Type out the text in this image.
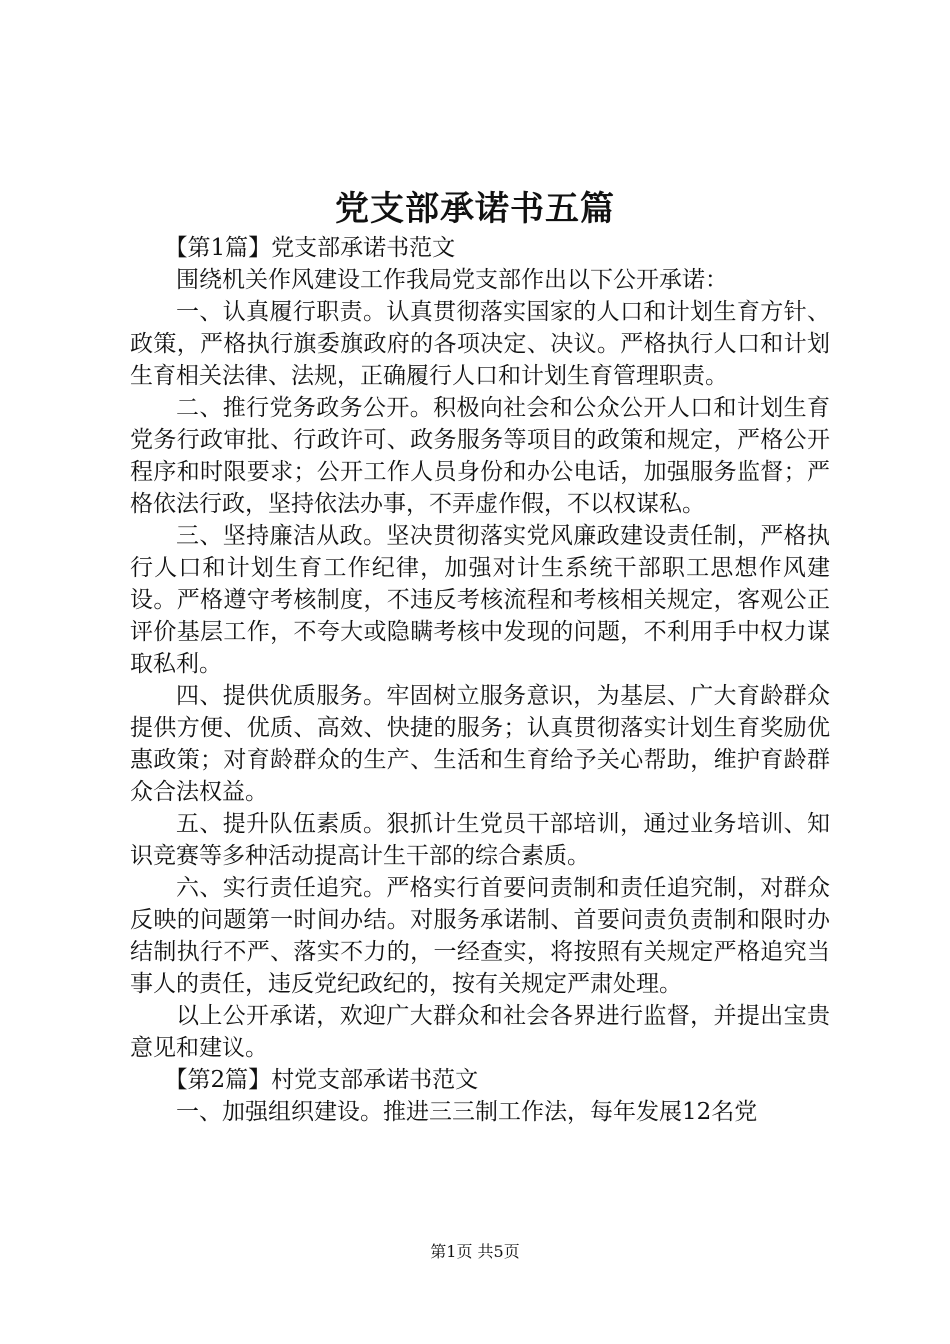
党支部承诺书五篇

【第1篇】党支部承诺书范文

围绕机关作风建设工作我局党支部作出以下公开承诺：

一、认真履行职责。认真贯彻落实国家的人口和计划生育方针、政策，严格执行旗委旗政府的各项决定、决议。严格执行人口和计划生育相关法律、法规，正确履行人口和计划生育管理职责。

二、推行党务政务公开。积极向社会和公众公开人口和计划生育党务行政审批、行政许可、政务服务等项目的政策和规定，严格公开程序和时限要求；公开工作人员身份和办公电话，加强服务监督；严格依法行政，坚持依法办事，不弄虚作假，不以权谋私。

三、坚持廉洁从政。坚决贯彻落实党风廉政建设责任制，严格执行人口和计划生育工作纪律，加强对计生系统干部职工思想作风建设。严格遵守考核制度，不违反考核流程和考核相关规定，客观公正评价基层工作，不夸大或隐瞒考核中发现的问题，不利用手中权力谋取私利。

四、提供优质服务。牢固树立服务意识，为基层、广大育龄群众提供方便、优质、高效、快捷的服务；认真贯彻落实计划生育奖励优惠政策；对育龄群众的生产、生活和生育给予关心帮助，维护育龄群众合法权益。

五、提升队伍素质。狠抓计生党员干部培训，通过业务培训、知识竞赛等多种活动提高计生干部的综合素质。

六、实行责任追究。严格实行首要问责制和责任追究制，对群众反映的问题第一时间办结。对服务承诺制、首要问责负责制和限时办结制执行不严、落实不力的，一经查实，将按照有关规定严格追究当事人的责任，违反党纪政纪的，按有关规定严肃处理。

以上公开承诺，欢迎广大群众和社会各界进行监督，并提出宝贵意见和建议。

【第2篇】村党支部承诺书范文

一、加强组织建设。推进三三制工作法，每年发展12名党

第1页 共5页
